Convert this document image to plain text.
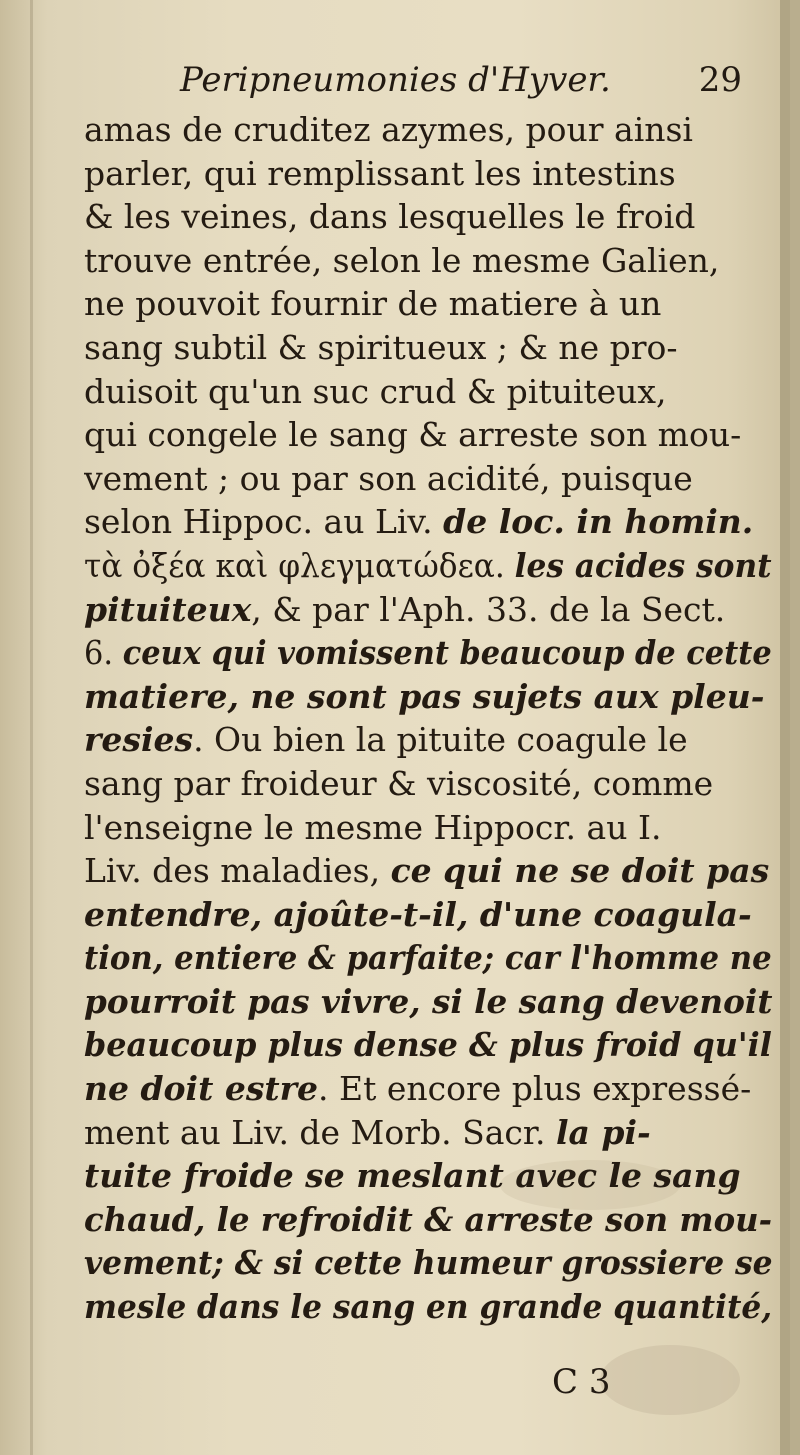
Peripneumonies d'Hyver.	29
amas de cruditez azymes, pour ainsi
parler, qui remplissant les intestins
& les veines, dans lesquelles le froid
trouve entrée, selon le mesme Galien,
ne pouvoit fournir de matiere à un
sang subtil & spiritueux ; & ne pro-
duisoit qu'un suc crud & pituiteux,
qui congele le sang & arreste son mou-
vement ; ou par son acidité, puisque
selon Hippoc. au Liv. de loc. in homin.
τὰ ὀξέα καὶ φλεγματώδεα. les acides sont
pituiteux, & par l'Aph. 33. de la Sect.
6. ceux qui vomissent beaucoup de cette
matiere, ne sont pas sujets aux pleu-
resies. Ou bien la pituite coagule le
sang par froideur & viscosité, comme
l'enseigne le mesme Hippocr. au I.
Liv. des maladies, ce qui ne se doit pas
entendre, ajoûte-t-il, d'une coagula-
tion, entiere & parfaite; car l'homme ne
pourroit pas vivre, si le sang devenoit
beaucoup plus dense & plus froid qu'il
ne doit estre. Et encore plus expressé-
ment au Liv. de Morb. Sacr. la pi-
tuite froide se meslant avec le sang
chaud, le refroidit & arreste son mou-
vement; & si cette humeur grossiere se
mesle dans le sang en grande quantité,
C 3
